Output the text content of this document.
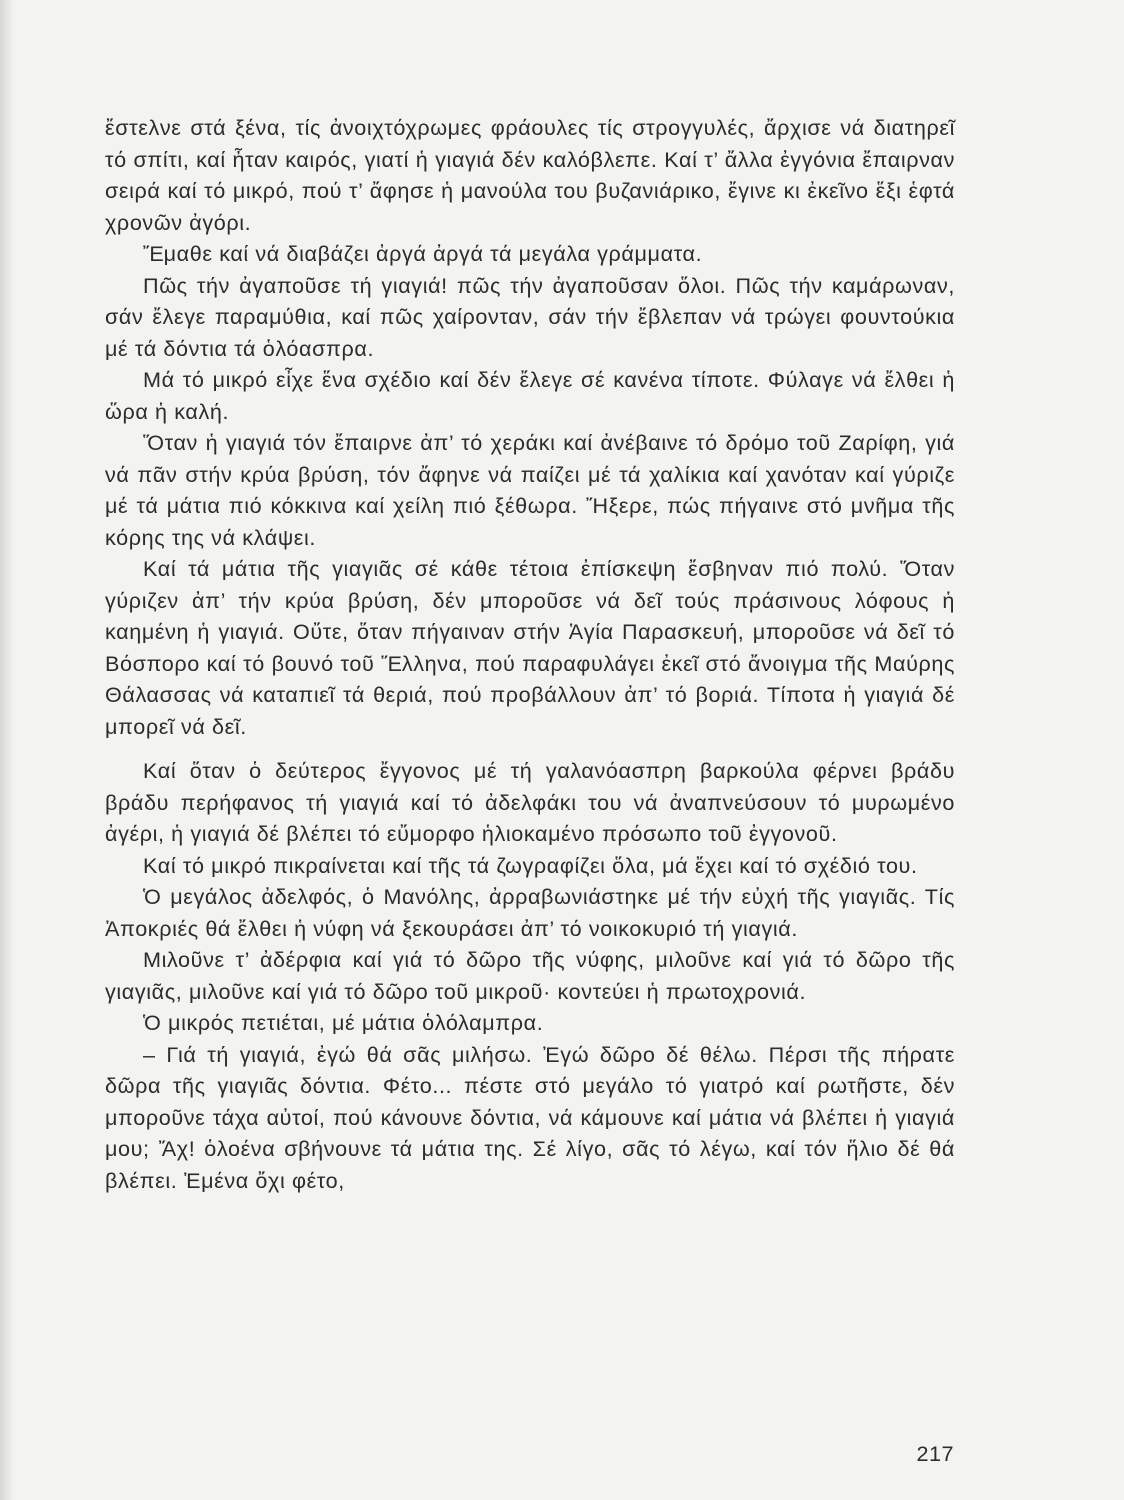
ἔστελνε στά ξένα, τίς ἀνοιχτόχρωμες φράουλες τίς στρογγυλές, ἄρχισε νά διατηρεῖ τό σπίτι, καί ἦταν καιρός, γιατί ἡ γιαγιά δέν καλόβλεπε. Καί τ’ ἄλλα ἐγγόνια ἔπαιρναν σειρά καί τό μικρό, πού τ’ ἄφησε ἡ μανούλα του βυζανιάρικο, ἔγινε κι ἐκεῖνο ἕξι ἑφτά χρονῶν ἀγόρι.

Ἔμαθε καί νά διαβάζει ἀργά ἀργά τά μεγάλα γράμματα.

Πῶς τήν ἀγαποῦσε τή γιαγιά! πῶς τήν ἀγαποῦσαν ὅλοι. Πῶς τήν καμάρωναν, σάν ἔλεγε παραμύθια, καί πῶς χαίρονταν, σάν τήν ἔβλεπαν νά τρώγει φουντούκια μέ τά δόντια τά ὁλόασπρα.

Μά τό μικρό εἶχε ἕνα σχέδιο καί δέν ἔλεγε σέ κανένα τίποτε. Φύλαγε νά ἔλθει ἡ ὥρα ἡ καλή.

Ὅταν ἡ γιαγιά τόν ἔπαιρνε ἀπ’ τό χεράκι καί ἀνέβαινε τό δρόμο τοῦ Ζαρίφη, γιά νά πᾶν στήν κρύα βρύση, τόν ἄφηνε νά παίζει μέ τά χαλίκια καί χανόταν καί γύριζε μέ τά μάτια πιό κόκκινα καί χείλη πιό ξέθωρα. Ἤξερε, πώς πήγαινε στό μνῆμα τῆς κόρης της νά κλάψει.

Καί τά μάτια τῆς γιαγιᾶς σέ κάθε τέτοια ἐπίσκεψη ἔσβηναν πιό πολύ. Ὅταν γύριζεν ἀπ’ τήν κρύα βρύση, δέν μποροῦσε νά δεῖ τούς πράσινους λόφους ἡ καημένη ἡ γιαγιά. Οὔτε, ὅταν πήγαιναν στήν Ἁγία Παρασκευή, μποροῦσε νά δεῖ τό Βόσπορο καί τό βουνό τοῦ Ἕλληνα, πού παραφυλάγει ἐκεῖ στό ἄνοιγμα τῆς Μαύρης Θάλασσας νά καταπιεῖ τά θεριά, πού προβάλλουν ἀπ’ τό βοριά. Τίποτα ἡ γιαγιά δέ μπορεῖ νά δεῖ.

Καί ὅταν ὁ δεύτερος ἔγγονος μέ τή γαλανόασπρη βαρκούλα φέρνει βράδυ βράδυ περήφανος τή γιαγιά καί τό ἀδελφάκι του νά ἀναπνεύσουν τό μυρωμένο ἀγέρι, ἡ γιαγιά δέ βλέπει τό εὔμορφο ἡλιοκαμένο πρόσωπο τοῦ ἐγγονοῦ.

Καί τό μικρό πικραίνεται καί τῆς τά ζωγραφίζει ὅλα, μά ἔχει καί τό σχέδιό του.

Ὁ μεγάλος ἀδελφός, ὁ Μανόλης, ἀρραβωνιάστηκε μέ τήν εὐχή τῆς γιαγιᾶς. Τίς Ἀποκριές θά ἔλθει ἡ νύφη νά ξεκουράσει ἀπ’ τό νοικοκυριό τή γιαγιά.

Μιλοῦνε τ’ ἀδέρφια καί γιά τό δῶρο τῆς νύφης, μιλοῦνε καί γιά τό δῶρο τῆς γιαγιᾶς, μιλοῦνε καί γιά τό δῶρο τοῦ μικροῦ· κοντεύει ἡ πρωτοχρονιά.

Ὁ μικρός πετιέται, μέ μάτια ὁλόλαμπρα.

– Γιά τή γιαγιά, ἐγώ θά σᾶς μιλήσω. Ἐγώ δῶρο δέ θέλω. Πέρσι τῆς πήρατε δῶρα τῆς γιαγιᾶς δόντια. Φέτο... πέστε στό μεγάλο τό γιατρό καί ρωτῆστε, δέν μποροῦνε τάχα αὐτοί, πού κάνουνε δόντια, νά κάμουνε καί μάτια νά βλέπει ἡ γιαγιά μου; Ἄχ! ὁλοένα σβήνουνε τά μάτια της. Σέ λίγο, σᾶς τό λέγω, καί τόν ἥλιο δέ θά βλέπει. Ἐμένα ὄχι φέτο,

217
